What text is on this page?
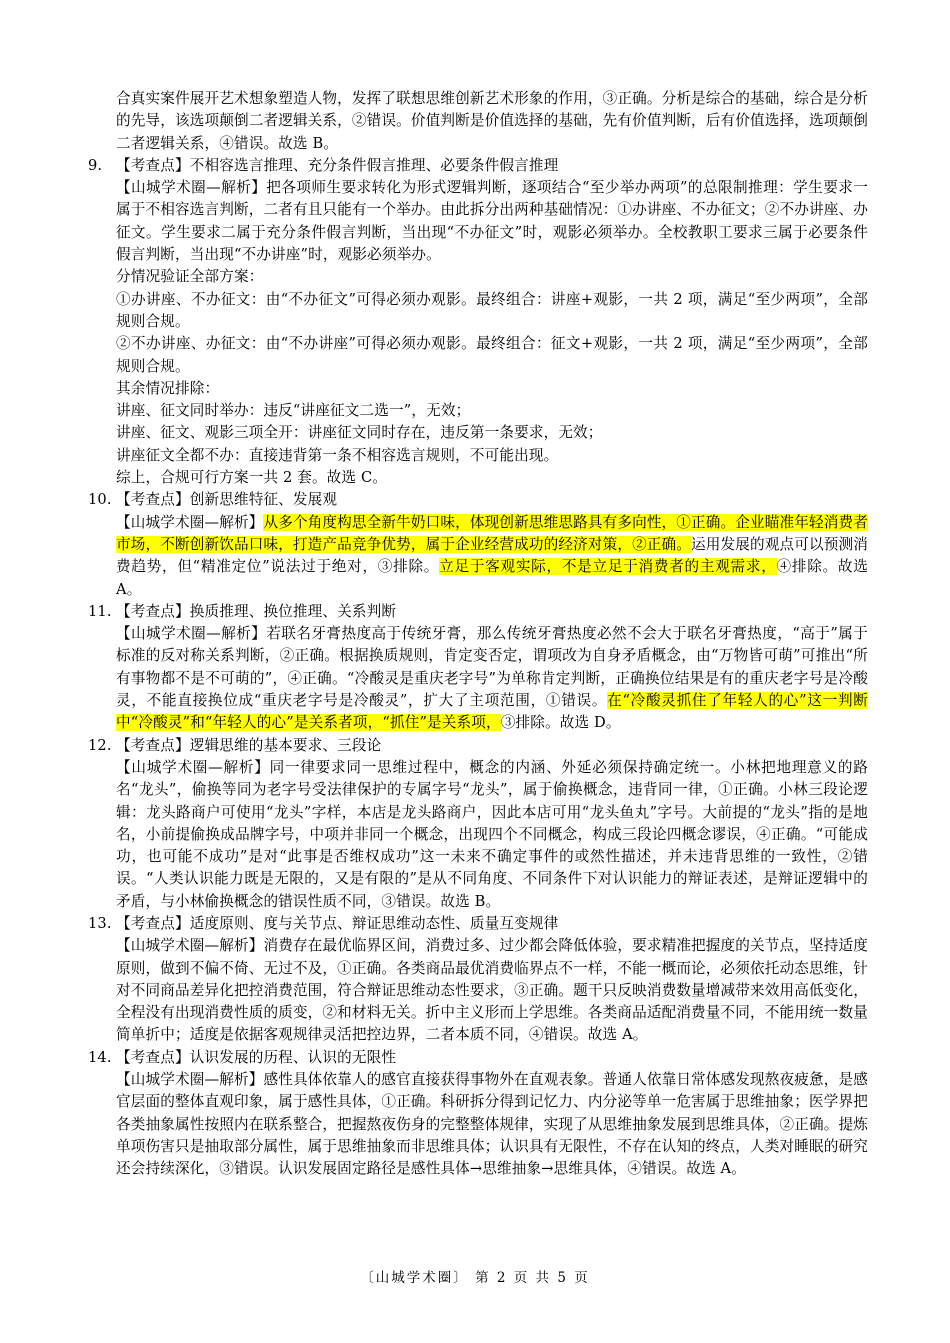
合真实案件展开艺术想象塑造人物，发挥了联想思维创新艺术形象的作用，③正确。分析是综合的基础，综合是分析的先导，该选项颠倒二者逻辑关系，②错误。价值判断是价值选择的基础，先有价值判断，后有价值选择，选项颠倒二者逻辑关系，④错误。故选 B。

9. 【考查点】不相容选言推理、充分条件假言推理、必要条件假言推理

【山城学术圈—解析】把各项师生要求转化为形式逻辑判断，逐项结合“至少举办两项”的总限制推理：学生要求一属于不相容选言判断，二者有且只能有一个举办。由此拆分出两种基础情况：①办讲座、不办征文；②不办讲座、办征文。学生要求二属于充分条件假言判断，当出现“不办征文”时，观影必须举办。全校教职工要求三属于必要条件假言判断，当出现“不办讲座”时，观影必须举办。

分情况验证全部方案：

①办讲座、不办征文：由“不办征文”可得必须办观影。最终组合：讲座+观影，一共 2 项，满足“至少两项”，全部规则合规。

②不办讲座、办征文：由“不办讲座”可得必须办观影。最终组合：征文+观影，一共 2 项，满足“至少两项”，全部规则合规。

其余情况排除：

讲座、征文同时举办：违反“讲座征文二选一”，无效；

讲座、征文、观影三项全开：讲座征文同时存在，违反第一条要求，无效；

讲座征文全都不办：直接违背第一条不相容选言规则，不可能出现。

综上，合规可行方案一共 2 套。故选 C。

10. 【考查点】创新思维特征、发展观

【山城学术圈—解析】从多个角度构思全新牛奶口味，体现创新思维思路具有多向性，①正确。企业瞄准年轻消费者市场，不断创新饮品口味，打造产品竞争优势，属于企业经营成功的经济对策，②正确。运用发展的观点可以预测消费趋势，但“精准定位”说法过于绝对，③排除。立足于客观实际，不是立足于消费者的主观需求，④排除。故选 A。

11. 【考查点】换质推理、换位推理、关系判断

【山城学术圈—解析】若联名牙膏热度高于传统牙膏，那么传统牙膏热度必然不会大于联名牙膏热度，“高于”属于标准的反对称关系判断，②正确。根据换质规则，肯定变否定，谓项改为自身矛盾概念，由“万物皆可萌”可推出“所有事物都不是不可萌的”，④正确。“冷酸灵是重庆老字号”为单称肯定判断，正确换位结果是有的重庆老字号是冷酸灵，不能直接换位成“重庆老字号是冷酸灵”，扩大了主项范围，①错误。在“冷酸灵抓住了年轻人的心”这一判断中“冷酸灵”和“年轻人的心”是关系者项，“抓住”是关系项，③排除。故选 D。

12. 【考查点】逻辑思维的基本要求、三段论

【山城学术圈—解析】同一律要求同一思维过程中，概念的内涵、外延必须保持确定统一。小林把地理意义的路名“龙头”，偷换等同为老字号受法律保护的专属字号“龙头”，属于偷换概念，违背同一律，①正确。小林三段论逻辑：龙头路商户可使用“龙头”字样，本店是龙头路商户，因此本店可用“龙头鱼丸”字号。大前提的“龙头”指的是地名，小前提偷换成品牌字号，中项并非同一个概念，出现四个不同概念，构成三段论四概念谬误，④正确。“可能成功，也可能不成功”是对“此事是否维权成功”这一未来不确定事件的或然性描述，并未违背思维的一致性，②错误。“人类认识能力既是无限的，又是有限的”是从不同角度、不同条件下对认识能力的辩证表述，是辩证逻辑中的矛盾，与小林偷换概念的错误性质不同，③错误。故选 B。

13. 【考查点】适度原则、度与关节点、辩证思维动态性、质量互变规律

【山城学术圈—解析】消费存在最优临界区间，消费过多、过少都会降低体验，要求精准把握度的关节点，坚持适度原则，做到不偏不倚、无过不及，①正确。各类商品最优消费临界点不一样，不能一概而论，必须依托动态思维，针对不同商品差异化把控消费范围，符合辩证思维动态性要求，③正确。题干只反映消费数量增减带来效用高低变化，全程没有出现消费性质的质变，②和材料无关。折中主义形而上学思维。各类商品适配消费量不同，不能用统一数量简单折中；适度是依据客观规律灵活把控边界，二者本质不同，④错误。故选 A。

14. 【考查点】认识发展的历程、认识的无限性

【山城学术圈—解析】感性具体依靠人的感官直接获得事物外在直观表象。普通人依靠日常体感发现熬夜疲惫，是感官层面的整体直观印象，属于感性具体，①正确。科研拆分得到记忆力、内分泌等单一危害属于思维抽象；医学界把各类抽象属性按照内在联系整合，把握熬夜伤身的完整整体规律，实现了从思维抽象发展到思维具体，②正确。提炼单项伤害只是抽取部分属性，属于思维抽象而非思维具体；认识具有无限性，不存在认知的终点，人类对睡眠的研究还会持续深化，③错误。认识发展固定路径是感性具体→思维抽象→思维具体，④错误。故选 A。

〔山城学术圈〕 第 2 页 共 5 页
